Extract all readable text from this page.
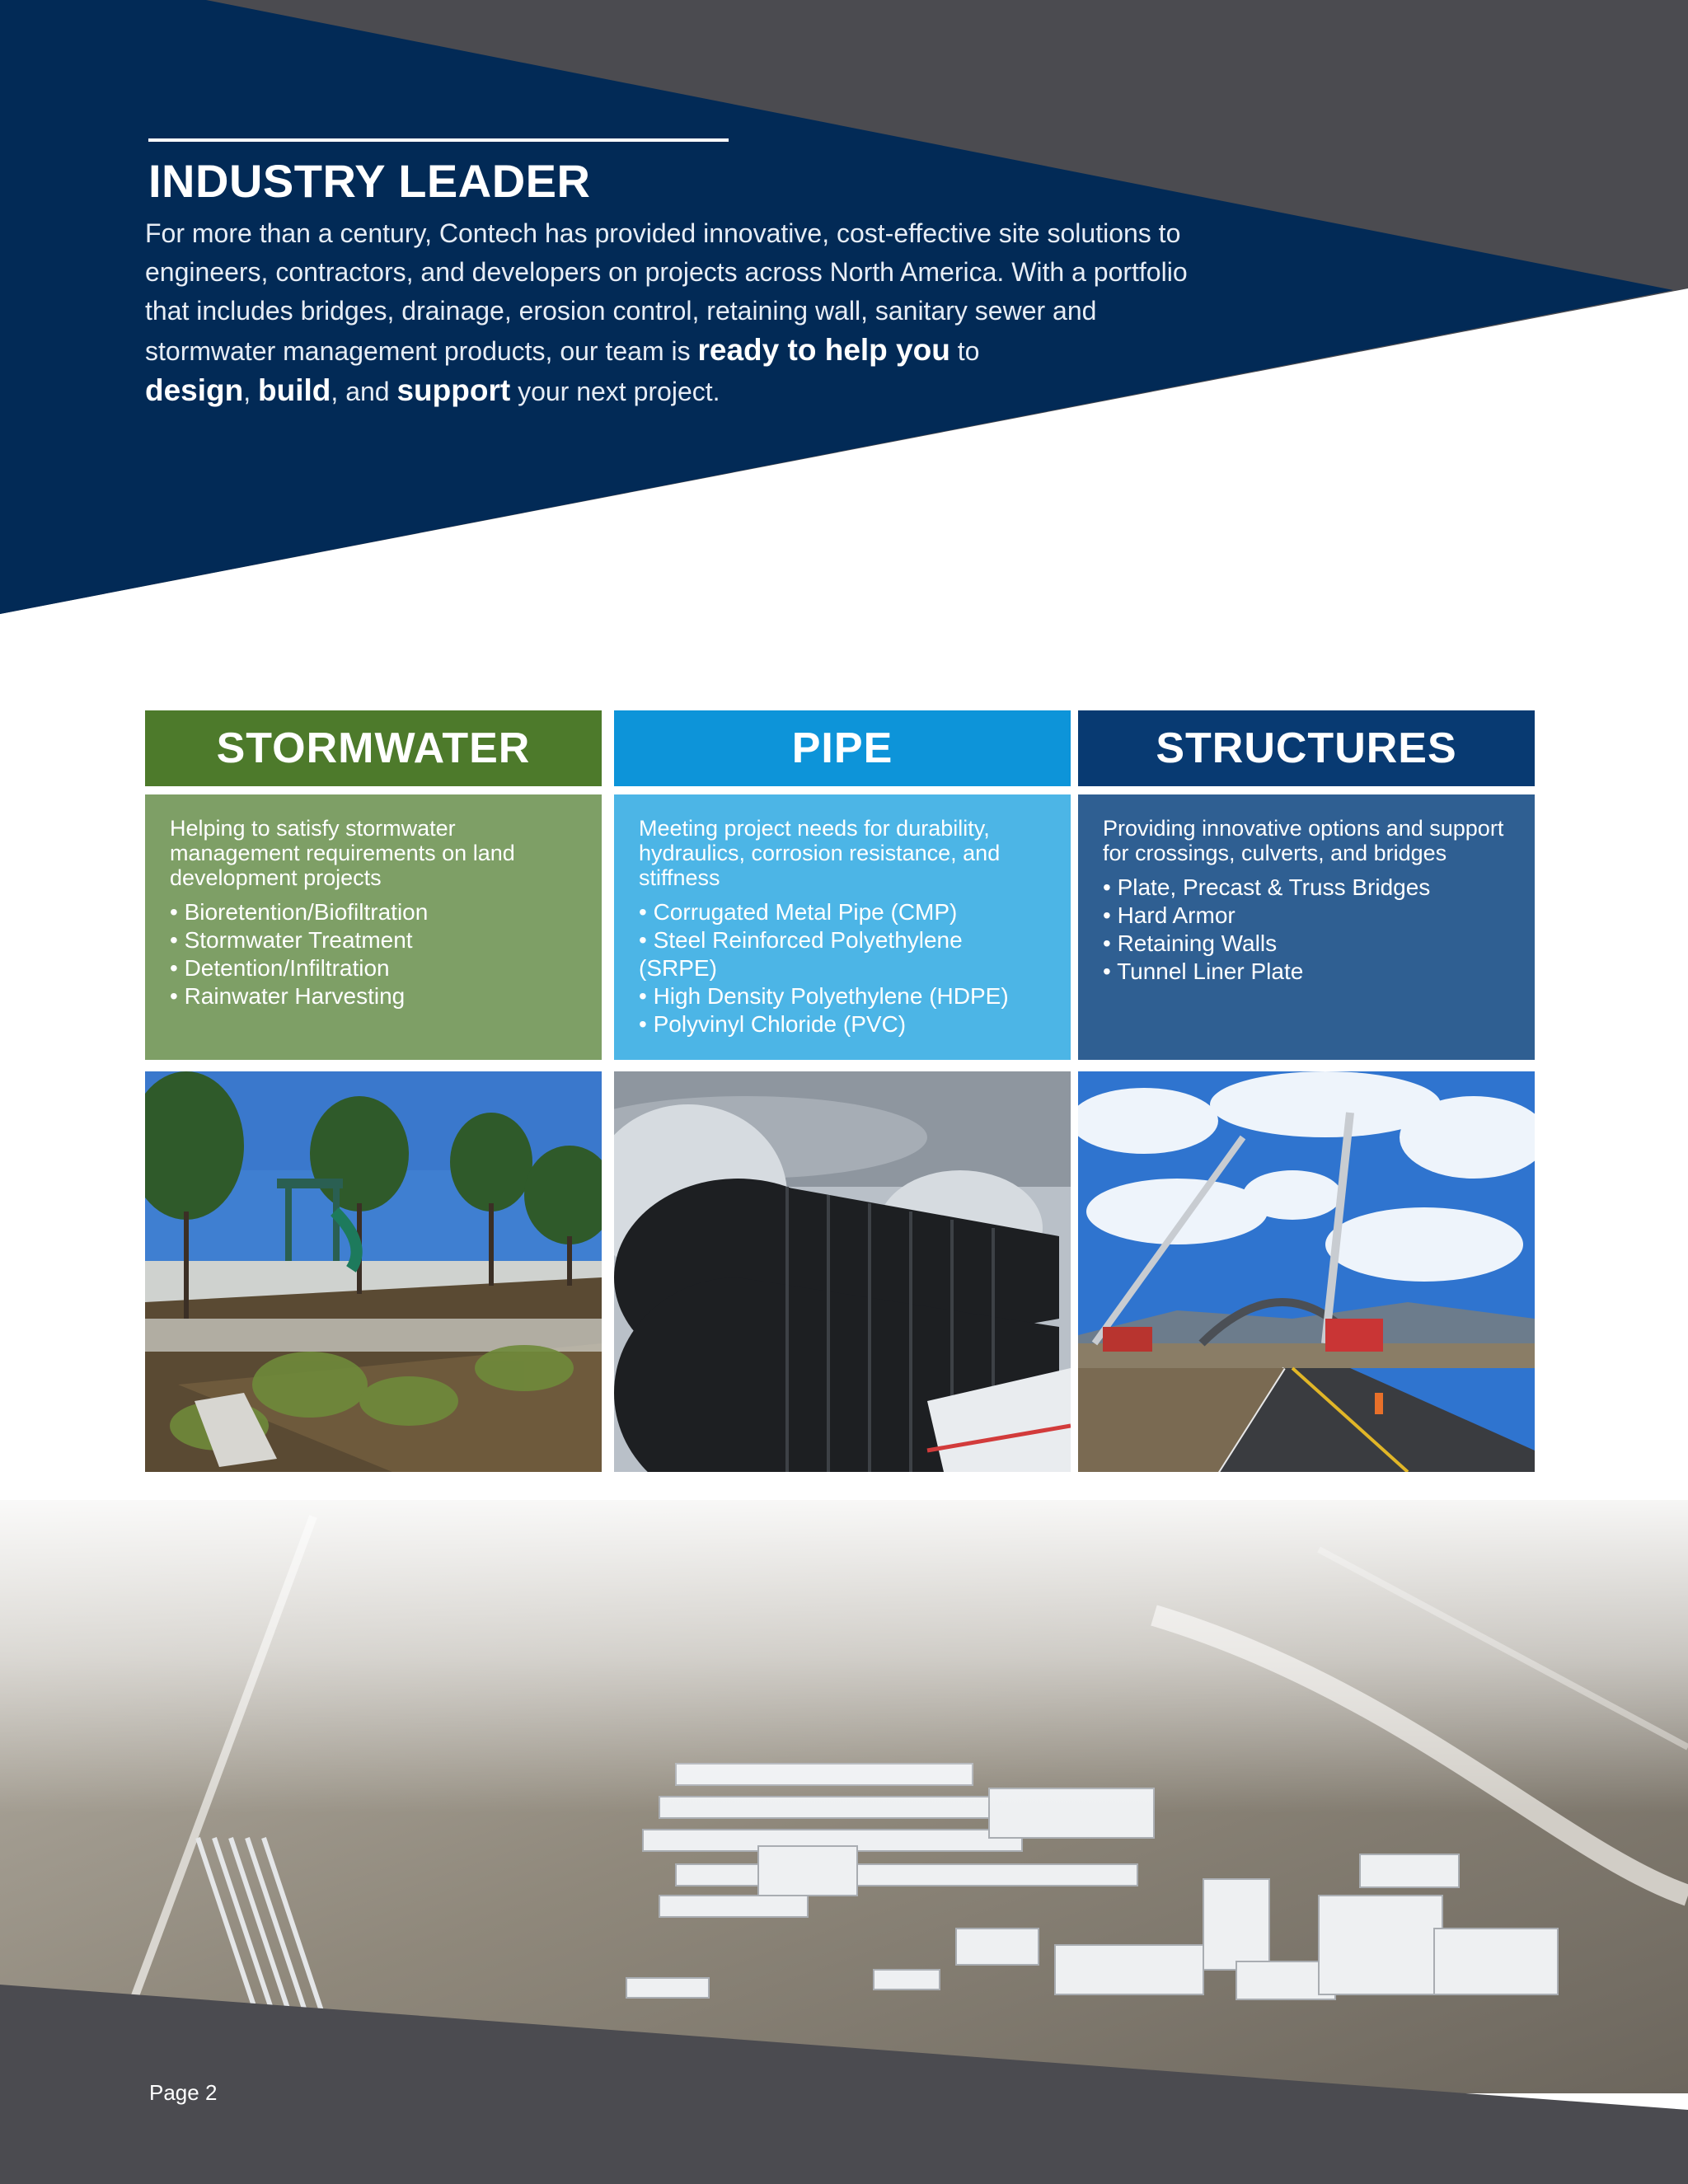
INDUSTRY LEADER

For more than a century, Contech has provided innovative, cost-effective site solutions to engineers, contractors, and developers on projects across North America. With a portfolio that includes bridges, drainage, erosion control, retaining wall, sanitary sewer and stormwater management products, our team is ready to help you to
design, build, and support your next project.

STORMWATER
Helping to satisfy stormwater management requirements on land development projects
• Bioretention/Biofiltration
• Stormwater Treatment
• Detention/Infiltration
• Rainwater Harvesting
PIPE
Meeting project needs for durability, hydraulics, corrosion resistance, and stiffness
• Corrugated Metal Pipe (CMP)
• Steel Reinforced Polyethylene (SRPE)
• High Density Polyethylene (HDPE)
• Polyvinyl Chloride (PVC)
STRUCTURES
Providing innovative options and support for crossings, culverts, and bridges
• Plate, Precast & Truss Bridges
• Hard Armor
• Retaining Walls
• Tunnel Liner Plate
Page 2
